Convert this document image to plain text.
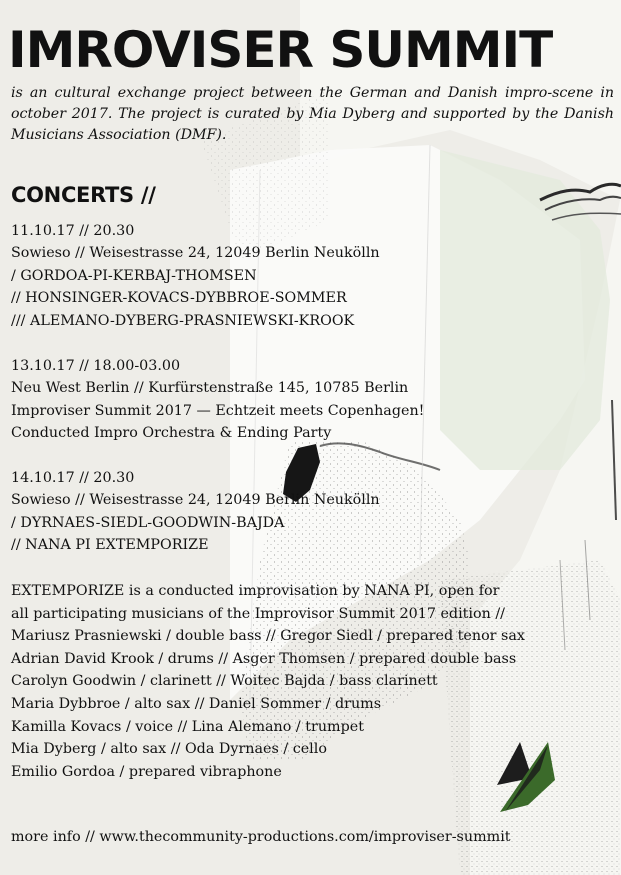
IMROVISER SUMMIT
is an cultural exchange project between the German and Danish impro-scene in october 2017. The project is curated by Mia Dyberg and supported by the Danish Musicians Association (DMF).
CONCERTS //
11.10.17 // 20.30
Sowieso // Weisestrasse 24, 12049 Berlin Neukölln
/ GORDOA-PI-KERBAJ-THOMSEN
// HONSINGER-KOVACS-DYBBROE-SOMMER
/// ALEMANO-DYBERG-PRASNIEWSKI-KROOK
13.10.17 // 18.00-03.00
Neu West Berlin // Kurfürstenstraße 145, 10785 Berlin
Improviser Summit 2017 — Echtzeit meets Copenhagen!
Conducted Impro Orchestra & Ending Party
14.10.17 // 20.30
Sowieso // Weisestrasse 24, 12049 Berlin Neukölln
/ DYRNAES-SIEDL-GOODWIN-BAJDA
// NANA PI EXTEMPORIZE
EXTEMPORIZE is a conducted improvisation by NANA PI, open for
all participating musicians of the Improvisor Summit 2017 edition //
Mariusz Prasniewski / double bass // Gregor Siedl / prepared tenor sax
Adrian David Krook / drums // Asger Thomsen / prepared double bass
Carolyn Goodwin / clarinett // Woitec Bajda / bass clarinett
Maria Dybbroe / alto sax // Daniel Sommer / drums
Kamilla Kovacs / voice // Lina Alemano / trumpet
Mia Dyberg / alto sax // Oda Dyrnaes / cello
Emilio Gordoa / prepared vibraphone
more info // www.thecommunity-productions.com/improviser-summit
